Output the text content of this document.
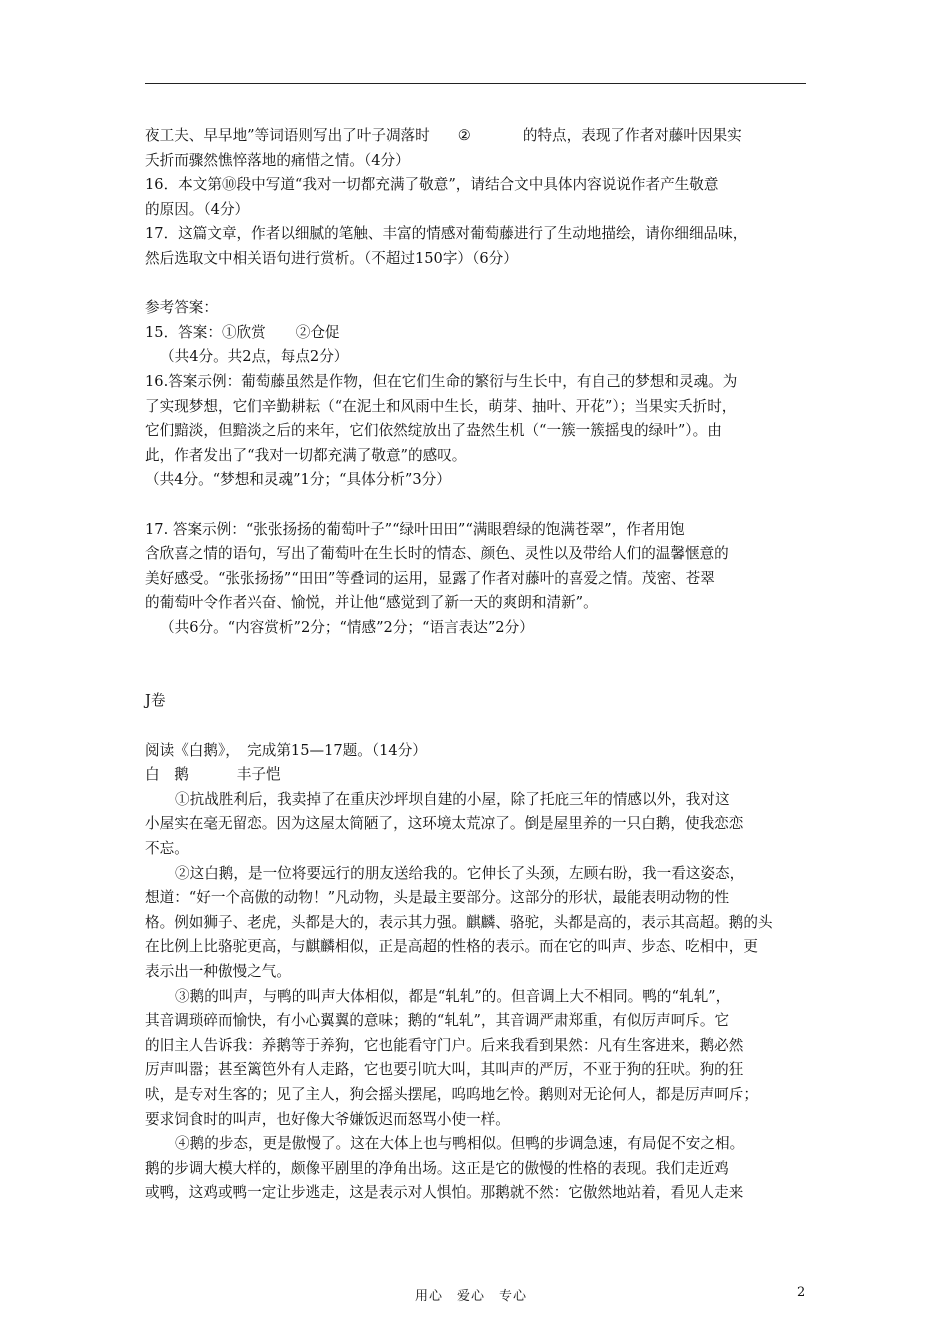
夜工夫、早早地”等词语则写出了叶子凋落时 ②	的特点，表现了作者对藤叶因果实
夭折而骤然憔悴落地的痛惜之情。（4分）
16．本文第⑩段中写道“我对一切都充满了敬意”，请结合文中具体内容说说作者产生敬意
的原因。（4分）
17．这篇文章，作者以细腻的笔触、丰富的情感对葡萄藤进行了生动地描绘，请你细细品味，
然后选取文中相关语句进行赏析。（不超过150字）（6分）
参考答案：
15．答案：①欣赏 ②仓促
（共4分。共2点，每点2分）
16.答案示例：葡萄藤虽然是作物，但在它们生命的繁衍与生长中，有自己的梦想和灵魂。为
了实现梦想，它们辛勤耕耘（“在泥土和风雨中生长，萌芽、抽叶、开花”）；当果实夭折时，
它们黯淡，但黯淡之后的来年，它们依然绽放出了盎然生机（“一簇一簇摇曳的绿叶”）。由
此，作者发出了“我对一切都充满了敬意”的感叹。
（共4分。“梦想和灵魂”1分；“具体分析”3分）
17. 答案示例：“张张扬扬的葡萄叶子”“绿叶田田”“满眼碧绿的饱满苍翠”，作者用饱
含欣喜之情的语句，写出了葡萄叶在生长时的情态、颜色、灵性以及带给人们的温馨惬意的
美好感受。“张张扬扬”“田田”等叠词的运用，显露了作者对藤叶的喜爱之情。茂密、苍翠
的葡萄叶令作者兴奋、愉悦，并让他“感觉到了新一天的爽朗和清新”。
（共6分。“内容赏析”2分；“情感”2分；“语言表达”2分）
J卷
阅读《白鹅》，　完成第15—17题。（14分）
白　鹅	丰子恺
①抗战胜利后，我卖掉了在重庆沙坪坝自建的小屋，除了托庇三年的情感以外，我对这
小屋实在毫无留恋。因为这屋太简陋了，这环境太荒凉了。倒是屋里养的一只白鹅，使我恋恋
不忘。
②这白鹅，是一位将要远行的朋友送给我的。它伸长了头颈，左顾右盼，我一看这姿态，
想道：“好一个高傲的动物！”凡动物，头是最主要部分。这部分的形状，最能表明动物的性
格。例如狮子、老虎，头都是大的，表示其力强。麒麟、骆驼，头都是高的，表示其高超。鹅的头
在比例上比骆驼更高，与麒麟相似，正是高超的性格的表示。而在它的叫声、步态、吃相中，更
表示出一种傲慢之气。
③鹅的叫声，与鸭的叫声大体相似，都是“轧轧”的。但音调上大不相同。鸭的“轧轧”，
其音调琐碎而愉快，有小心翼翼的意味；鹅的“轧轧”，其音调严肃郑重，有似厉声呵斥。它
的旧主人告诉我：养鹅等于养狗，它也能看守门户。后来我看到果然：凡有生客进来，鹅必然
厉声叫嚣；甚至篱笆外有人走路，它也要引吭大叫，其叫声的严厉，不亚于狗的狂吠。狗的狂
吠，是专对生客的；见了主人，狗会摇头摆尾，呜呜地乞怜。鹅则对无论何人，都是厉声呵斥；
要求饲食时的叫声，也好像大爷嫌饭迟而怒骂小使一样。
④鹅的步态，更是傲慢了。这在大体上也与鸭相似。但鸭的步调急速，有局促不安之相。
鹅的步调大模大样的，颇像平剧里的净角出场。这正是它的傲慢的性格的表现。我们走近鸡
或鸭，这鸡或鸭一定让步逃走，这是表示对人惧怕。那鹅就不然：它傲然地站着，看见人走来
用心 爱心 专心	2
